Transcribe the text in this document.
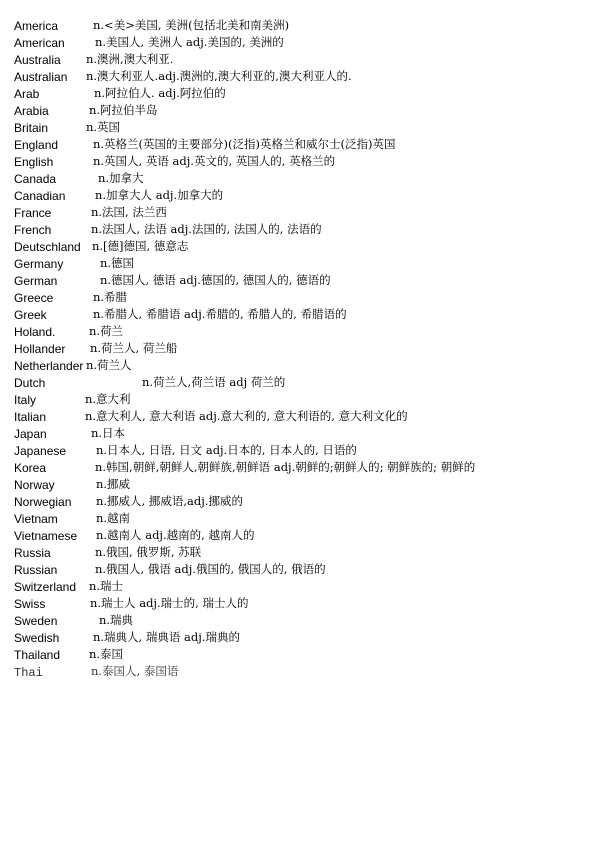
America	n.<美>美国, 美洲(包括北美和南美洲)
American	n.美国人, 美洲人 adj.美国的, 美洲的
Australia n.澳洲,澳大利亚.
Australian n.澳大利亚人.adj.澳洲的,澳大利亚的,澳大利亚人的.
Arab	n.阿拉伯人. adj.阿拉伯的
Arabia	n.阿拉伯半岛
Britain	n.英国
England	n.英格兰(英国的主要部分)(泛指)英格兰和威尔士(泛指)英国
English	n.英国人, 英语 adj.英文的, 英国人的, 英格兰的
Canada	n.加拿大
Canadian	n.加拿大人 adj.加拿大的
France	n.法国, 法兰西
French	n.法国人, 法语 adj.法国的, 法国人的, 法语的
Deutschland n.[德]德国, 德意志
Germany	n.德国
German	n.德国人, 德语 adj.德国的, 德国人的, 德语的
Greece	n.希腊
Greek	n.希腊人, 希腊语 adj.希腊的, 希腊人的, 希腊语的
Holand.	n.荷兰
Hollander n.荷兰人, 荷兰船
Netherlander n.荷兰人
Dutch	n.荷兰人,荷兰语 adj 荷兰的
Italy	n.意大利
Italian	n.意大利人, 意大利语 adj.意大利的, 意大利语的, 意大利文化的
Japan	n.日本
Japanese	n.日本人, 日语, 日文 adj.日本的, 日本人的, 日语的
Korea	n.韩国,朝鲜,朝鲜人,朝鲜族,朝鲜语 adj.朝鲜的;朝鲜人的; 朝鲜族的; 朝鲜的
Norway	n.挪威
Norwegian n.挪威人, 挪威语,adj.挪威的
Vietnam	n.越南
Vietnamese n.越南人 adj.越南的, 越南人的
Russia	n.俄国, 俄罗斯, 苏联
Russian	n.俄国人, 俄语 adj.俄国的, 俄国人的, 俄语的
Switzerland n.瑞士
Swiss	n.瑞士人 adj.瑞士的, 瑞士人的
Sweden	n.瑞典
Swedish	n.瑞典人, 瑞典语 adj.瑞典的
Thailand	n.泰国
Thai	n.泰国人, 泰国语
